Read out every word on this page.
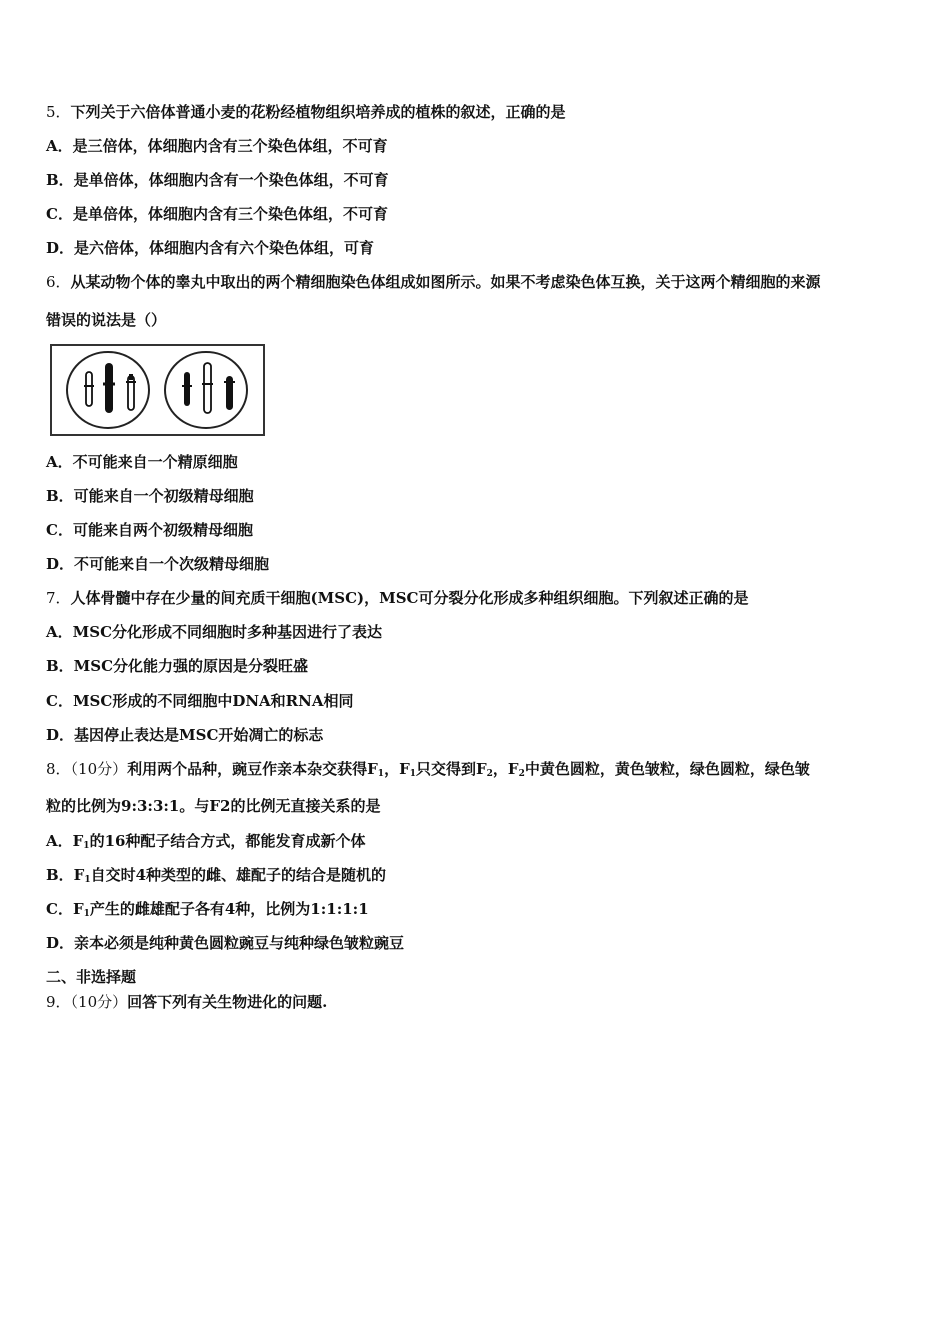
5．下列关于六倍体普通小麦的花粉经植物组织培养成的植株的叙述，正确的是
A．是三倍体，体细胞内含有三个染色体组，不可育
B．是单倍体，体细胞内含有一个染色体组，不可育
C．是单倍体，体细胞内含有三个染色体组，不可育
D．是六倍体，体细胞内含有六个染色体组，可育
6．从某动物个体的睾丸中取出的两个精细胞染色体组成如图所示。如果不考虑染色体互换，关于这两个精细胞的来源
错误的说法是（）
A．不可能来自一个精原细胞
B．可能来自一个初级精母细胞
C．可能来自两个初级精母细胞
D．不可能来自一个次级精母细胞
7．人体骨髓中存在少量的间充质干细胞(MSC)，MSC可分裂分化形成多种组织细胞。下列叙述正确的是
A．MSC分化形成不同细胞时多种基因进行了表达
B．MSC分化能力强的原因是分裂旺盛
C．MSC形成的不同细胞中DNA和RNA相同
D．基因停止表达是MSC开始凋亡的标志
8．（10分）利用两个品种，豌豆作亲本杂交获得$F_1$，$F_1$只交得到$F_2$，$F_2$中黄色圆粒，黄色皱粒，绿色圆粒，绿色皱
粒的比例为9:3:3:1。与F2的比例无直接关系的是
A．$F_1$的16种配子结合方式，都能发育成新个体
B．$F_1$自交时4种类型的雌、雄配子的结合是随机的
C．$F_1$产生的雌雄配子各有4种，比例为1:1:1:1
D．亲本必须是纯种黄色圆粒豌豆与纯种绿色皱粒豌豆
二、非选择题
9．（10分）回答下列有关生物进化的问题.
